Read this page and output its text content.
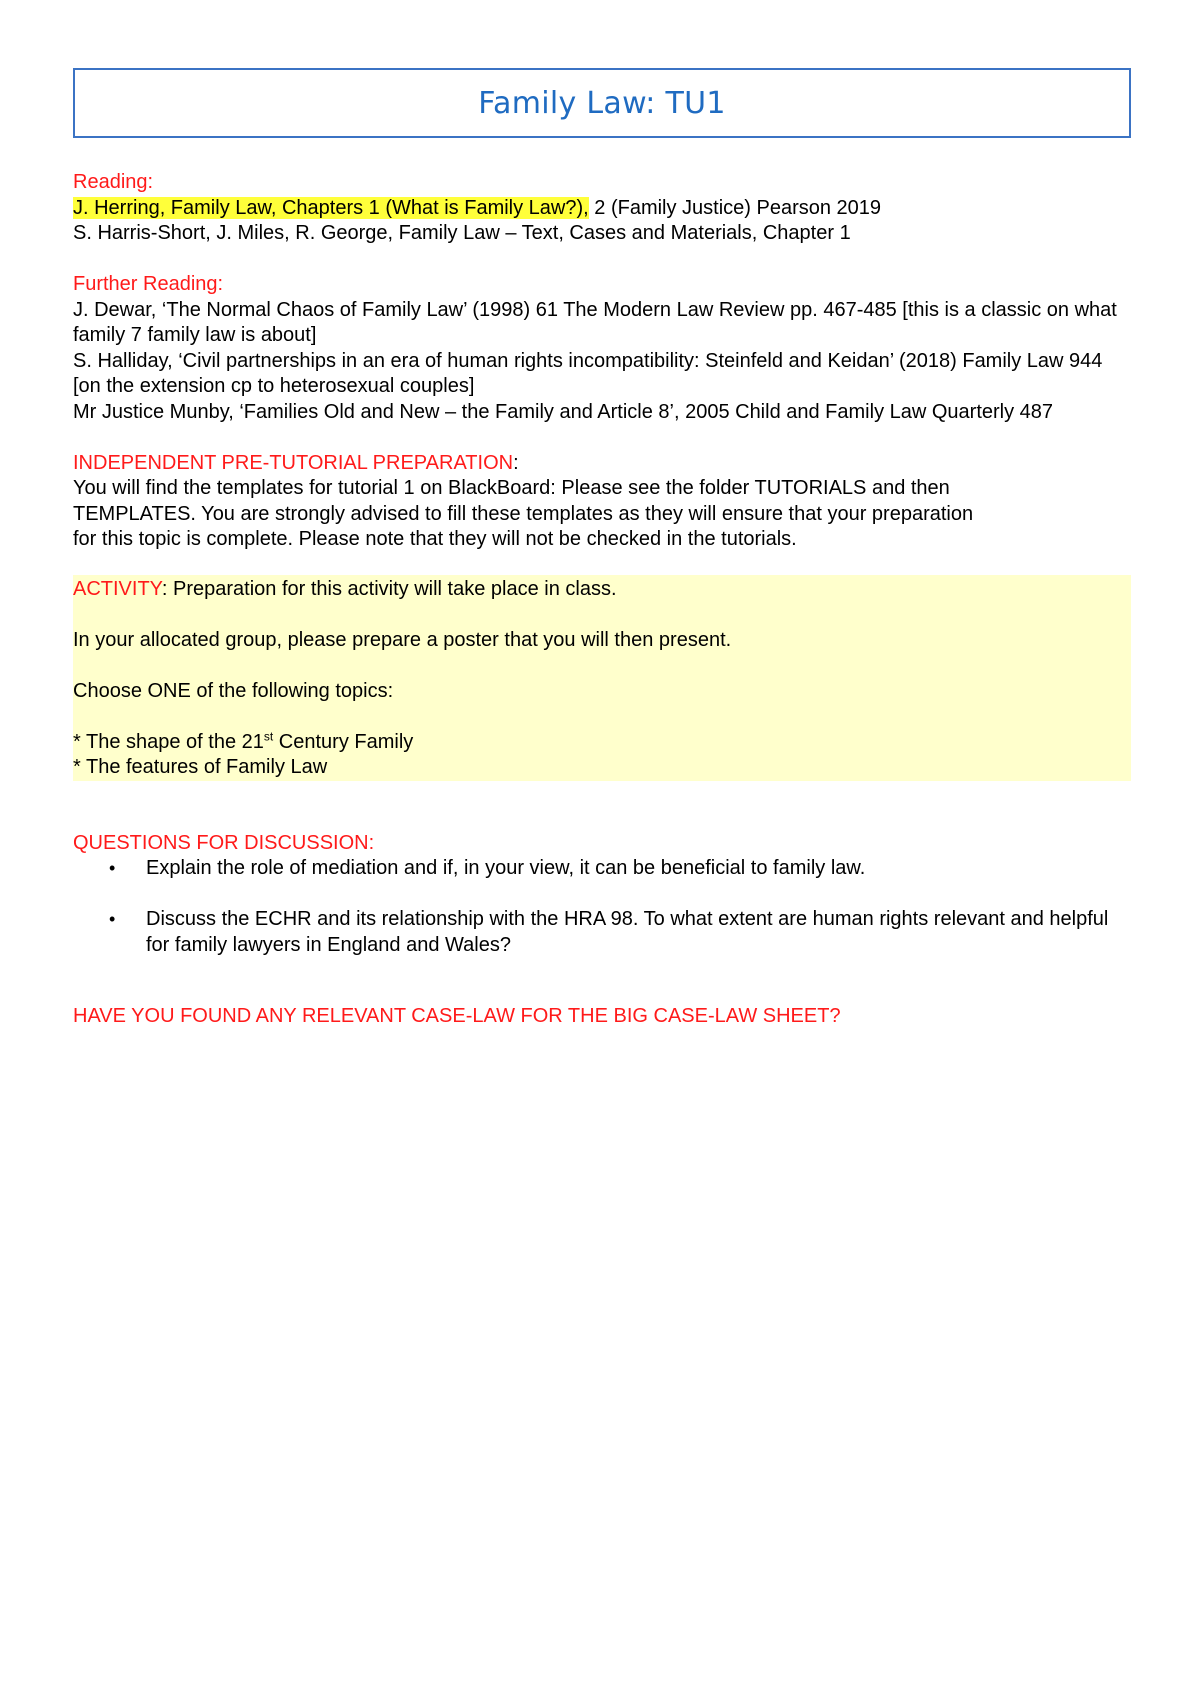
Family Law: TU1
Reading:
J. Herring, Family Law, Chapters 1 (What is Family Law?), 2 (Family Justice) Pearson 2019
S. Harris-Short, J. Miles, R. George, Family Law – Text, Cases and Materials, Chapter 1
Further Reading:
J. Dewar, ‘The Normal Chaos of Family Law’ (1998) 61 The Modern Law Review pp. 467-485 [this is a classic on what family 7 family law is about]
S. Halliday, ‘Civil partnerships in an era of human rights incompatibility: Steinfeld and Keidan’ (2018) Family Law 944 [on the extension cp to heterosexual couples]
Mr Justice Munby, ‘Families Old and New – the Family and Article 8’, 2005 Child and Family Law Quarterly 487
INDEPENDENT PRE-TUTORIAL PREPARATION:
You will find the templates for tutorial 1 on BlackBoard: Please see the folder TUTORIALS and then
TEMPLATES. You are strongly advised to fill these templates as they will ensure that your preparation
for this topic is complete. Please note that they will not be checked in the tutorials.
ACTIVITY: Preparation for this activity will take place in class.
In your allocated group, please prepare a poster that you will then present.
Choose ONE of the following topics:
* The shape of the 21st Century Family
* The features of Family Law
QUESTIONS FOR DISCUSSION:
•	Explain the role of mediation and if, in your view, it can be beneficial to family law.
•	Discuss the ECHR and its relationship with the HRA 98. To what extent are human rights relevant and helpful for family lawyers in England and Wales?
HAVE YOU FOUND ANY RELEVANT CASE-LAW FOR THE BIG CASE-LAW SHEET?
